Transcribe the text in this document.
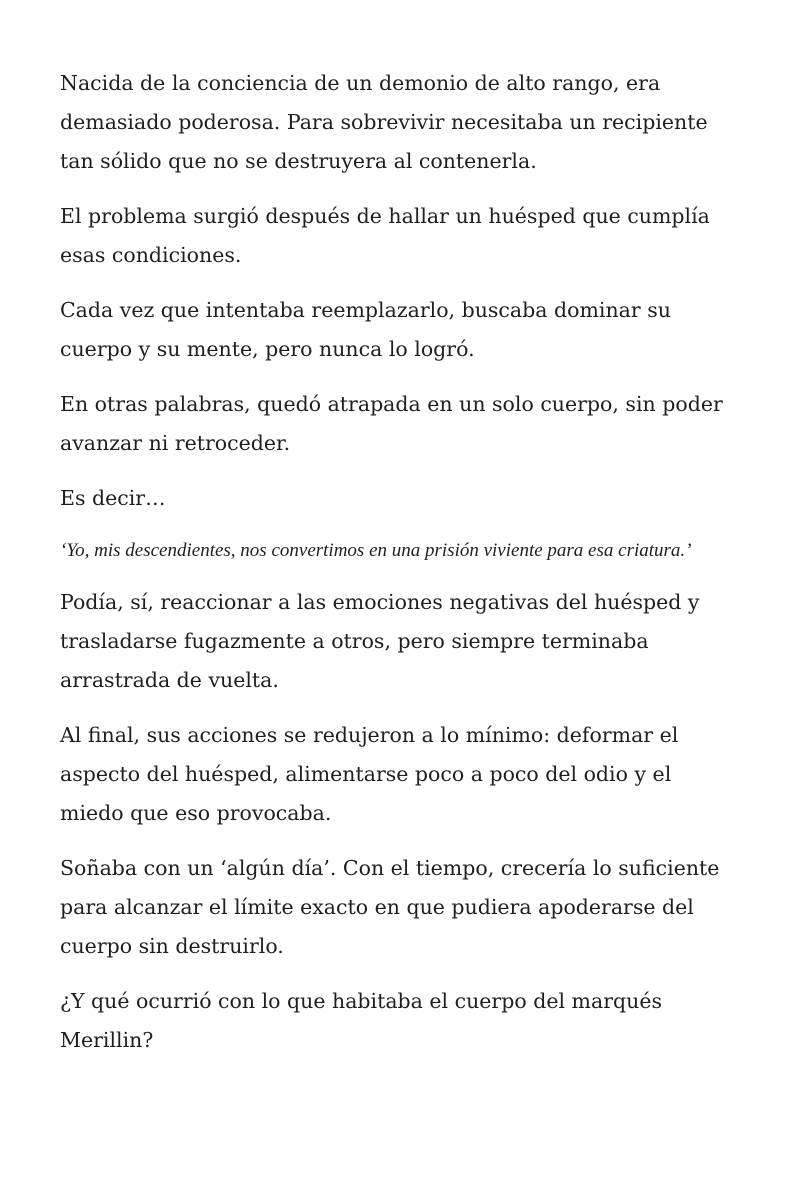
Nacida de la conciencia de un demonio de alto rango, era demasiado poderosa. Para sobrevivir necesitaba un recipiente tan sólido que no se destruyera al contenerla.

El problema surgió después de hallar un huésped que cumplía esas condiciones.

Cada vez que intentaba reemplazarlo, buscaba dominar su cuerpo y su mente, pero nunca lo logró.

En otras palabras, quedó atrapada en un solo cuerpo, sin poder avanzar ni retroceder.

Es decir…

‘Yo, mis descendientes, nos convertimos en una prisión viviente para esa criatura.’

Podía, sí, reaccionar a las emociones negativas del huésped y trasladarse fugazmente a otros, pero siempre terminaba arrastrada de vuelta.

Al final, sus acciones se redujeron a lo mínimo: deformar el aspecto del huésped, alimentarse poco a poco del odio y el miedo que eso provocaba.

Soñaba con un ‘algún día’. Con el tiempo, crecería lo suficiente para alcanzar el límite exacto en que pudiera apoderarse del cuerpo sin destruirlo.

¿Y qué ocurrió con lo que habitaba el cuerpo del marqués Merillin?
